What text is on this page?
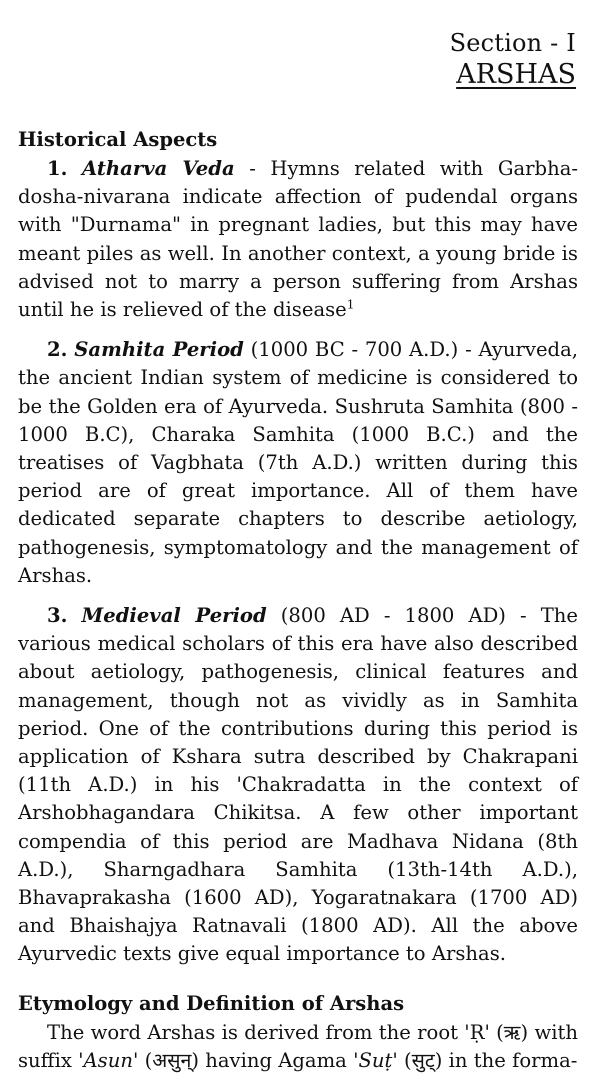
Section - I
ARSHAS
Historical Aspects

1. Atharva Veda - Hymns related with Garbha-dosha-nivarana indicate affection of pudendal organs with "Durnama" in pregnant ladies, but this may have meant piles as well. In another context, a young bride is advised not to marry a person suffering from Arshas until he is relieved of the disease$^1$

2. Samhita Period (1000 BC - 700 A.D.) - Ayurveda, the ancient Indian system of medicine is considered to be the Golden era of Ayurveda. Sushruta Samhita (800 - 1000 B.C), Charaka Samhita (1000 B.C.) and the treatises of Vagbhata (7th A.D.) written during this period are of great importance. All of them have dedicated separate chapters to describe aetiology, pathogenesis, symptomatology and the management of Arshas.

3. Medieval Period (800 AD - 1800 AD) - The various medical scholars of this era have also described about aetiology, pathogenesis, clinical features and management, though not as vividly as in Samhita period. One of the contributions during this period is application of Kshara sutra described by Chakrapani (11th A.D.) in his 'Chakradatta in the context of Arshobhagandara Chikitsa. A few other important compendia of this period are Madhava Nidana (8th A.D.), Sharngadhara Samhita (13th-14th A.D.), Bhavaprakasha (1600 AD), Yogaratnakara (1700 AD) and Bhaishajya Ratnavali (1800 AD). All the above Ayurvedic texts give equal importance to Arshas.

Etymology and Definition of Arshas

The word Arshas is derived from the root 'Ṛ' (ऋ) with suffix 'Asun' (असुन्) having Agama 'Suṭ' (सुट्) in the forma-
